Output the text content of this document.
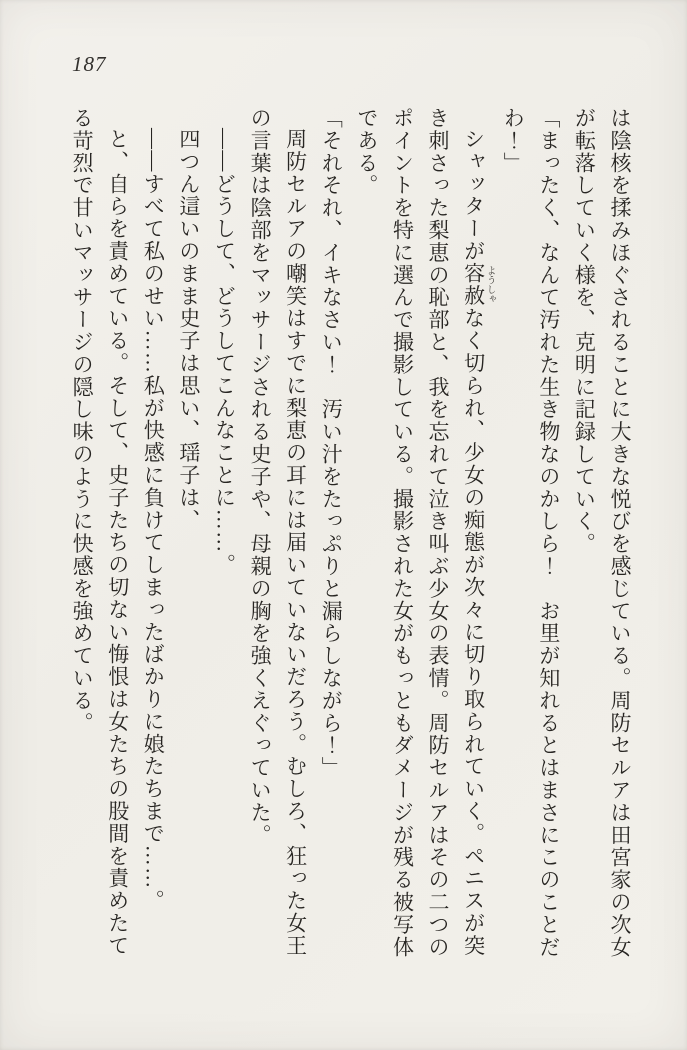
187

は陰核を揉みほぐされることに大きな悦びを感じている。周防セルアは田宮家の次女が転落していく様を、克明に記録していく。

「まったく、なんて汚れた生き物なのかしら！　お里が知れるとはまさにこのことだわ！」

シャッターが容赦 ようしゃなく切られ、少女の痴態が次々に切り取られていく。ペニスが突き刺さった梨恵の恥部と、我を忘れて泣き叫ぶ少女の表情。周防セルアはその二つのポイントを特に選んで撮影している。撮影された女がもっともダメージが残る被写体である。

「それそれ、イキなさい！　汚い汁をたっぷりと漏らしながら！」

周防セルアの嘲笑はすでに梨恵の耳には届いていないだろう。むしろ、狂った女王の言葉は陰部をマッサージされる史子や、母親の胸を強くえぐっていた。

――どうして、どうしてこんなことに……。

四つん這いのまま史子は思い、瑶子は、

――すべて私のせい……私が快感に負けてしまったばかりに娘たちまで……。

と、自らを責めている。そして、史子たちの切ない悔恨は女たちの股間を責めたてる苛烈で甘いマッサージの隠し味のように快感を強めている。
